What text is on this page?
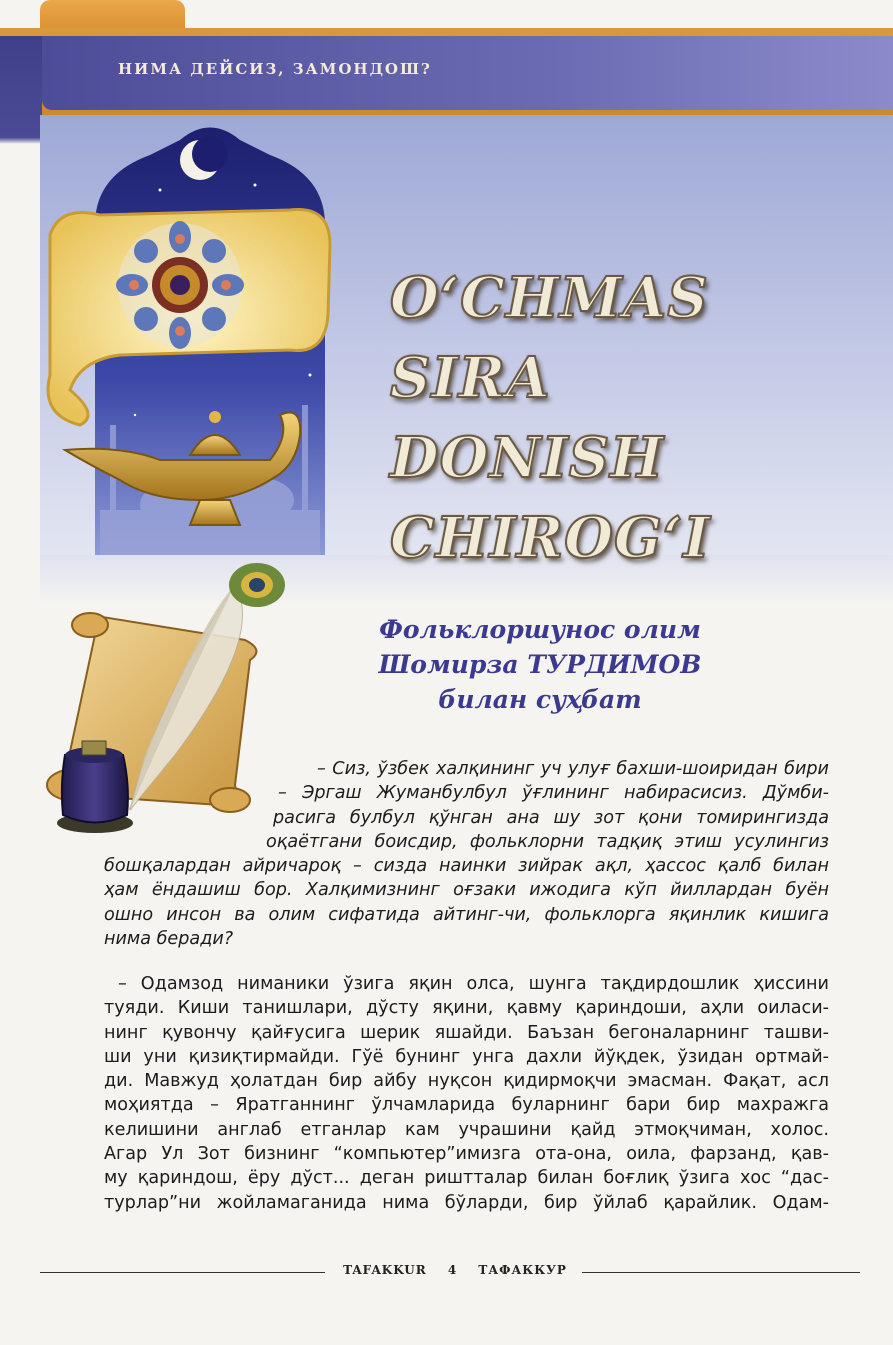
НИМА ДЕЙСИЗ, ЗАМОНДОШ?
O‘CHMAS
SIRA
DONISH
CHIROG‘I
Фольклоршунос олим
Шомирза ТУРДИМОВ
билан суҳбат
– Сиз, ўзбек халқининг уч улуғ бахши-шоиридан бири
– Эргаш Жуманбулбул ўғлининг набирасисиз. Дўмби-
расига булбул қўнган ана шу зот қони томирингизда
оқаётгани боисдир, фольклорни тадқиқ этиш усулингиз
бошқалардан айричароқ – сизда наинки зийрак ақл, ҳассос қалб билан
ҳам ёндашиш бор. Халқимизнинг оғзаки ижодига кўп йиллардан буён
ошно инсон ва олим сифатида айтинг-чи, фольклорга яқинлик кишига
нима беради?
– Одамзод ниманики ўзига яқин олса, шунга тақдирдошлик ҳиссини
туяди. Киши танишлари, дўсту яқини, қавму қариндоши, аҳли оиласи-
нинг қувончу қайғусига шерик яшайди. Баъзан бегоналарнинг ташви-
ши уни қизиқтирмайди. Гўё бунинг унга дахли йўқдек, ўзидан ортмай-
ди. Мавжуд ҳолатдан бир айбу нуқсон қидирмоқчи эмасман. Фақат, асл
моҳиятда – Яратганнинг ўлчамларида буларнинг бари бир махражга
келишини англаб етганлар кам учрашини қайд этмоқчиман, холос.
Агар Ул Зот бизнинг “компьютер”имизга ота-она, оила, фарзанд, қав-
му қариндош, ёру дўст... деган риштталар билан боғлиқ ўзига хос “дас-
турлар”ни жойламаганида нима бўларди, бир ўйлаб қарайлик. Одам-
TAFAKKUR 4 ТАФАККУР
